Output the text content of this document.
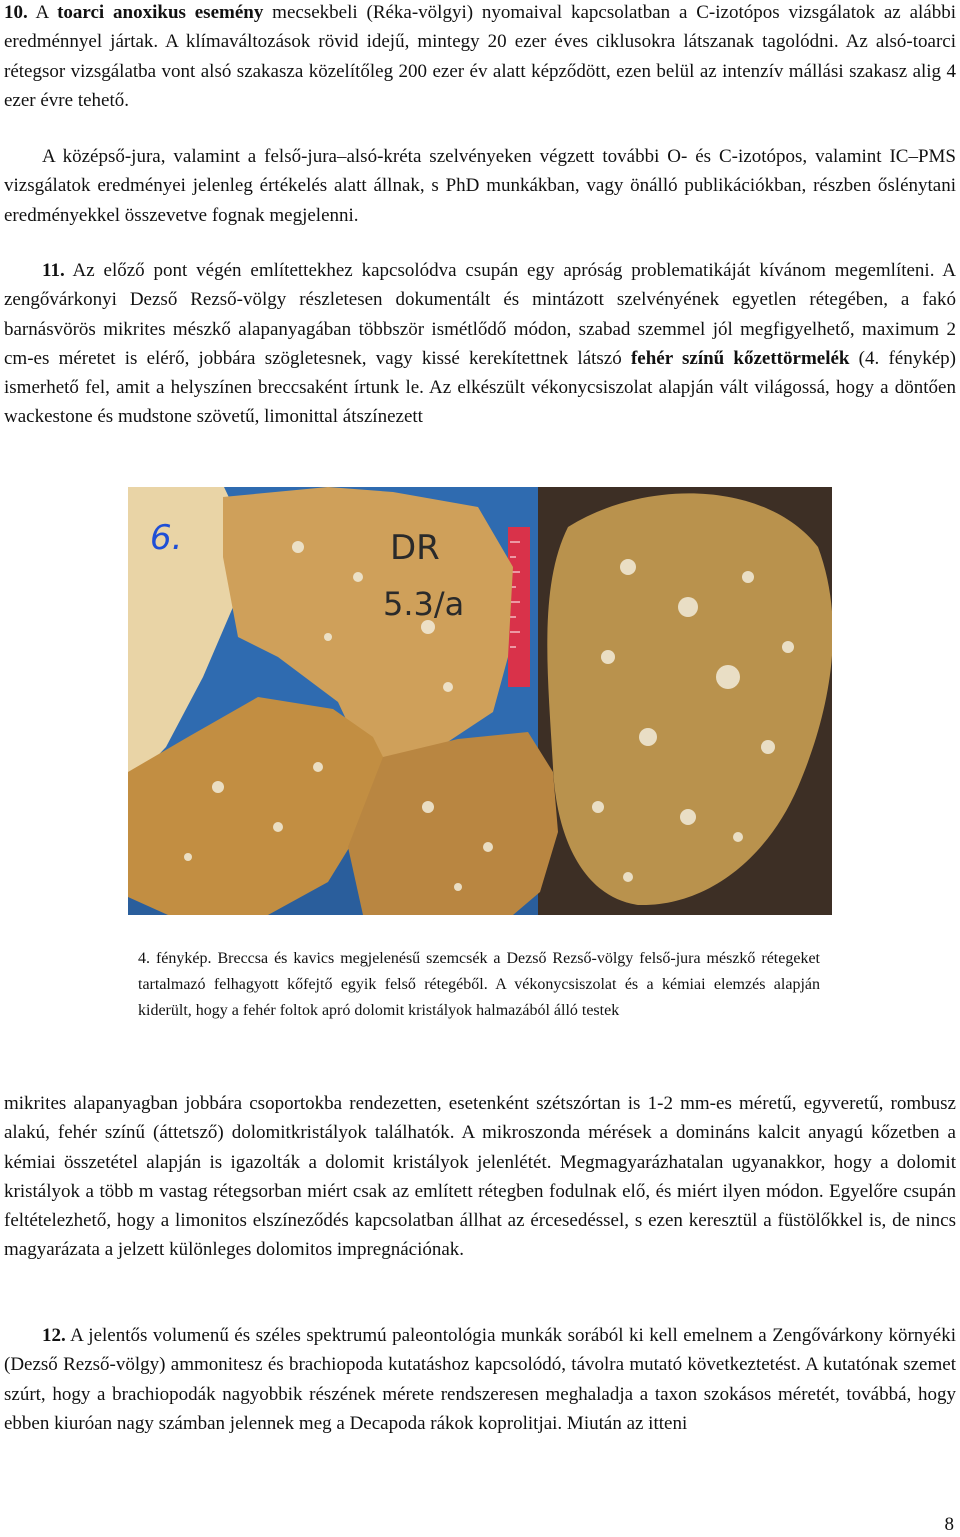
10. A toarci anoxikus esemény mecsekbeli (Réka-völgyi) nyomaival kapcsolatban a C-izotópos vizsgálatok az alábbi eredménnyel jártak. A klímaváltozások rövid idejű, mintegy 20 ezer éves ciklusokra látszanak tagolódni. Az alsó-toarci rétegsor vizsgálatba vont alsó szakasza közelítőleg 200 ezer év alatt képződött, ezen belül az intenzív mállási szakasz alig 4 ezer évre tehető.

A középső-jura, valamint a felső-jura–alsó-kréta szelvényeken végzett további O- és C-izotópos, valamint IC–PMS vizsgálatok eredményei jelenleg értékelés alatt állnak, s PhD munkákban, vagy önálló publikációkban, részben őslénytani eredményekkel összevetve fognak megjelenni.

11. Az előző pont végén említettekhez kapcsolódva csupán egy apróság problematikáját kívánom megemlíteni. A zengővárkonyi Dezső Rezső-völgy részletesen dokumentált és mintázott szelvényének egyetlen rétegében, a fakó barnásvörös mikrites mészkő alapanyagában többször ismétlődő módon, szabad szemmel jól megfigyelhető, maximum 2 cm-es méretet is elérő, jobbára szögletesnek, vagy kissé kerekítettnek látszó fehér színű kőzettörmelék (4. fénykép) ismerhető fel, amit a helyszínen breccsaként írtunk le. Az elkészült vékonycsiszolat alapján vált világossá, hogy a döntően wackestone és mudstone szövetű, limonittal átszínezett

6.	DR
5.3/a

4. fénykép. Breccsa és kavics megjelenésű szemcsék a Dezső Rezső-völgy felső-jura mészkő rétegeket tartalmazó felhagyott kőfejtő egyik felső rétegéből. A vékonycsiszolat és a kémiai elemzés alapján kiderült, hogy a fehér foltok apró dolomit kristályok halmazából álló testek

mikrites alapanyagban jobbára csoportokba rendezetten, esetenként szétszórtan is 1-2 mm-es méretű, egyveretű, rombusz alakú, fehér színű (áttetsző) dolomitkristályok találhatók. A mikroszonda mérések a domináns kalcit anyagú kőzetben a kémiai összetétel alapján is igazolták a dolomit kristályok jelenlétét. Megmagyarázhatalan ugyanakkor, hogy a dolomit kristályok a több m vastag rétegsorban miért csak az említett rétegben fodulnak elő, és miért ilyen módon. Egyelőre csupán feltételezhető, hogy a limonitos elszíneződés kapcsolatban állhat az ércesedéssel, s ezen keresztül a füstölőkkel is, de nincs magyarázata a jelzett különleges dolomitos impregnációnak.

12. A jelentős volumenű és széles spektrumú paleontológia munkák sorából ki kell emelnem a Zengővárkony környéki (Dezső Rezső-völgy) ammonitesz és brachiopoda kutatáshoz kapcsolódó, távolra mutató következtetést. A kutatónak szemet szúrt, hogy a brachiopodák nagyobbik részének mérete rendszeresen meghaladja a taxon szokásos méretét, továbbá, hogy ebben kiuróan nagy számban jelennek meg a Decapoda rákok koprolitjai. Miután az itteni

8
